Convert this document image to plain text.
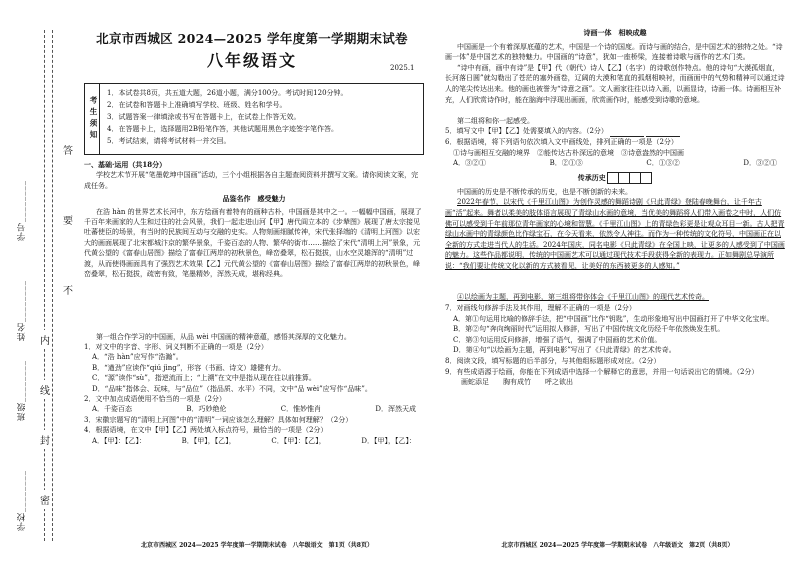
答
要
不
内
线
封
密
学号________
姓名________
班级________
学校________
北京市西城区 2024—2025 学年度第一学期期末试卷
八年级语文	2025.1
考生须知

1．本试卷共8页，共五道大题，26道小题，满分100分。考试时间120分钟。

2．在试卷和答题卡上准确填写学校、班级、姓名和学号。

3．试题答案一律填涂或书写在答题卡上，在试卷上作答无效。

4．在答题卡上，选择题用2B铅笔作答，其他试题用黑色字迹签字笔作答。

5．考试结束，请将考试材料一并交回。

一、基础·运用（共18分）

学校艺术节开展“笔墨乾坤中国画”活动，三个小组根据各自主题查阅资料并撰写文案。请你阅读文案，完成任务。

品鉴名作　感受魅力

在浩 hàn 的世界艺术长河中，东方绘画有着特有的画种古朴，中国画是其中之一。一幅幅中国画，展现了千百年来画家的人生和过往的社会风景，我们一起走进山河【甲】唐代阎立本的《步辇图》展现了唐太宗接见吐蕃使臣的场景，有当时的民族间互动与交融的史实。人物刻画细腻传神，宋代张择端的《清明上河图》以宏大的画面展现了北宋都城汴京的繁华景象，千姿百态的人物、繁华的街市……描绘了宋代“清明上河”景象，元代黄公望的《富春山居图》描绘了富春江两岸的初秋景色，峰峦叠翠，松石挺拔，山水空灵雄浑的“清明”过渡，从而使得画面具有了强烈艺术效果【乙】元代黄公望的《富春山居图》描绘了富春江两岸的初秋景色，峰峦叠翠，松石挺拔，疏密有致，笔墨精妙，浑然天成，堪称经典。

第一组合作学习的中国画，从品 wèi 中国画的精神意蕴，感悟其深厚的文化魅力。

1．对文中的字音、字形、词义判断不正确的一项是（2分）

A．“浩 hàn”应写作“浩瀚”。

B．“遒劲”应读作“qiú jìng”，形容（书画、诗文）雄健有力。

C．“源”读作“sù”，指逆流而上；“上溯”在文中是指从现在往以前推算。

D．“品味”指体会、玩味，与“品位”（指品质、水平）不同，文中“品 wèi”应写作“品味”。

2．文中加点成语使用不恰当的一项是（2分）

A．千姿百态	B．巧妙绝伦	C．惟妙惟肖	D．浑然天成

3．宋徽宗题写的“清明上河图”中的“清明”一词应该怎么理解？具体如何理解？（2分）

4．根据语境，在文中【甲】【乙】两处填入标点符号，最恰当的一项是（2分）

A．【甲】：【乙】：	B．【甲】，【乙】，	C．【甲】：【乙】，	D．【甲】，【乙】：
北京市西城区 2024—2025 学年度第一学期期末试卷　八年级语文　第1页（共8页）

诗画一体　相映成趣

中国画是一个有着深厚底蕴的艺术，中国是一个诗的国度。而诗与画的结合，是中国艺术的独特之处。“诗画一体”是中国艺术的独特魅力。中国画的“诗意”，犹如一座桥梁，连接着诗歌与画作的艺术门类。

“诗中有画，画中有诗”是【甲】代（朝代）诗人【乙】（名字）的诗歌创作特点。他的诗句“大漠孤烟直，长河落日圆”就勾勒出了苍茫的塞外画卷，辽阔的大漠和笔直的孤烟相映衬，而画面中的气势和精神可以通过诗人的笔尖传达出来。他的画也被誉为“诗意之画”。文人画家往往以诗入画，以画显诗，诗画一体。诗画相互补充，人们欣赏诗作时，能在脑海中浮现出画面，欣赏画作时，能感受到诗歌的意境。

第二组将和你一起感受。

5．填写文中【甲】【乙】处需要填入的内容。（2分）

6．根据语境，将下列语句依次填入文中画线处，排列正确的一项是（2分）

①诗与画相互交融的境界　②能传达古朴深远的意境　③诗意盎然的中国画

A．③②①	B．②①③	C．①③②	D．③②①

传承历史

中国画的历史是不断传承的历史，也是不断创新的未来。

2022年春节，以宋代《千里江山图》为创作灵感的舞蹈诗剧《只此青绿》登陆春晚舞台，让千年古画“活”起来。舞者以柔美的肢体语言展现了青绿山水画的意境，当优美的舞蹈将人们带入画卷之中时，人们仿佛可以感受到千年前那位青年画家的心境和智慧。《千里江山图》上的青绿色彩更是让观众耳目一新。古人把青绿山水画中的青绿颜色比作绿宝石，在今天看来，依然令人神往。而作为一种传统的文化符号，中国画正在以全新的方式走进当代人的生活。2024年国庆，同名电影《只此青绿》在全国上映，让更多的人感受到了中国画的魅力。这些作品都说明，传统的中国画艺术可以通过现代技术手段获得全新的表现力。正如舞剧总导演所说：“我们要让传统文化以新的方式被看见，让美好的东西被更多的人感知。”

④以绘画为主题，再到电影，第三组将带你体会《千里江山图》的现代艺术传奇。

7．对画线句修辞手法及其作用，理解不正确的一项是（2分）

A．第①句运用比喻的修辞手法，把“中国画”比作“钥匙”，生动形象地写出中国画打开了中华文化宝库。

B．第②句“奔向绚丽时代”运用拟人修辞，写出了中国传统文化历经千年依然焕发生机。

C．第③句运用反问修辞，增强了语气，强调了中国画的艺术价值。

D．第④句“以绘画为主题，再到电影”写出了《只此青绿》的艺术传奇。

8．阅读文段，填写标题的后半部分，与其他组标题形成对应。（2分）

9．有些成语源于绘画，你能在下列成语中选择一个解释它的意思，并用一句话说出它的情境。（2分）

画蛇添足　　 胸有成竹　　 呼之欲出

北京市西城区 2024—2025 学年度第一学期期末试卷　八年级语文　第2页（共8页）
